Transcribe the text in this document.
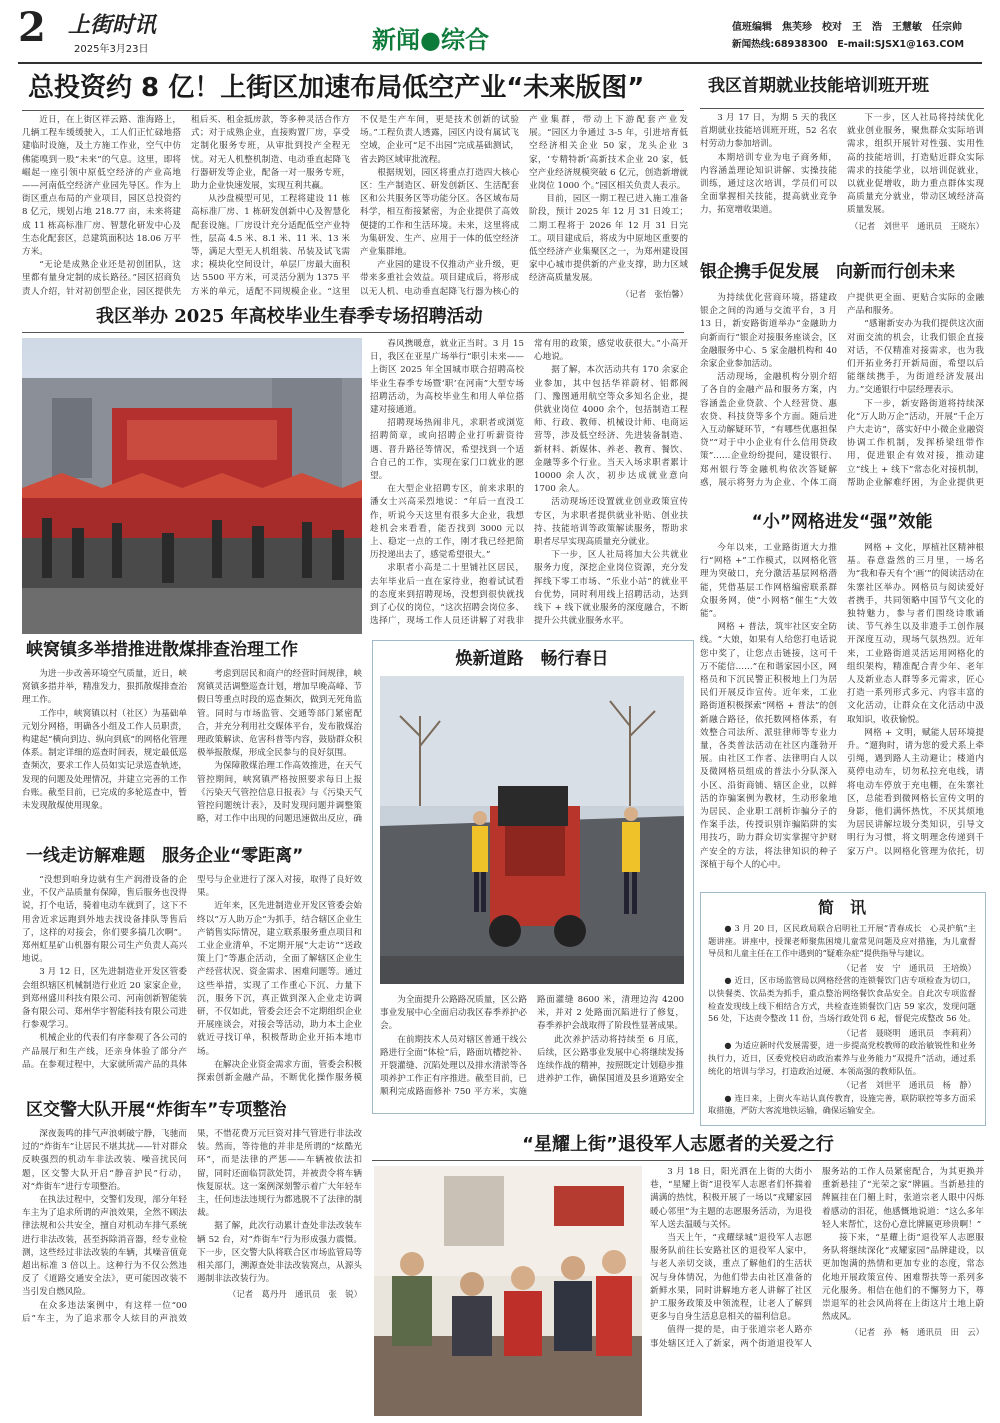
2 上街时讯
2025年3月23日	新闻●综合	值班编辑　焦芙珍　校对　王　浩　王慧敏　任宗帅
新闻热线:68938300　E-mail:SJSX1@163.COM
总投资约 8 亿！上街区加速布局低空产业“未来版图”

近日，在上街区祥云路、淮海路上，几辆工程车缓缓驶入，工人们正忙碌地搭建临时设施，及土方施工作业，空气中仿佛能嗅到一股“未来”的气息。这里，即将崛起一座引领中原低空经济的产业高地——河南低空经济产业园先导区。作为上街区重点布局的产业项目，园区总投资约 8 亿元，规划占地 218.77 亩，未来将建成 11 栋高标准厂房、智慧化研发中心及生态化配套区，总建筑面积达 18.06 万平方米。

“无论是成熟企业还是初创团队，这里都有量身定制的成长路径。”园区招商负责人介绍，针对初创型企业，园区提供先租后买、租金抵房款，等多种灵活合作方式；对于成熟企业，直接购置厂房，享受定制化服务专班，从审批到投产全程无忧。对无人机整机制造、电动垂直起降飞行器研发等企业，配备一对一服务专班，助力企业快速发展，实现互利共赢。

从沙盘模型可见，工程将建设 11 栋高标准厂房、1 栋研发创新中心及智慧化配套设施。厂房设计充分适配低空产业特性，层高 4.5 米、8.1 米、11 米、13 米等，满足大型无人机组装、吊装及试飞需求；模块化空间设计，单层厂房最大面积达 5500 平方米，可灵活分割为 1375 平方米的单元，适配不同规模企业。“这里不仅是生产车间，更是技术创新的试验场。”工程负责人透露，园区内设有属试飞空域，企业可“足不出园”完成基础测试，省去跨区域审批流程。

根据规划，园区将重点打造四大核心区：生产制造区、研发创新区、生活配套区和公共服务区等功能分区。各区域布局科学，相互衔接紧密，为企业提供了高效便捷的工作和生活环境。未来，这里将成为集研发、生产、应用于一体的低空经济产业集群地。

产业园的建设不仅推动产业升级，更带来多重社会效益。项目建成后，将形成以无人机、电动垂直起降飞行器为核心的产业集群，带动上下游配套产业发展。“园区力争通过 3-5 年，引进培育低空经济相关企业 50 家，龙头企业 3 家，‘专精特新’高新技术企业 20 家，低空产业经济规模突破 6 亿元，创造新增就业岗位 1000 个。”园区相关负责人表示。

目前，园区一期工程已进入施工准备阶段，预计 2025 年 12 月 31 日竣工；二期工程将于 2026 年 12 月 31 日完工。项目建成后，将成为中原地区重要的低空经济产业集聚区之一，为郑州建设国家中心城市提供新的产业支撑，助力区域经济高质量发展。

（记者　张怡馨）
我区举办 2025 年高校毕业生春季专场招聘活动

春风携暖意，就业正当时。3 月 15 日，我区在亚星广场举行“职引未来——上街区 2025 年全国城市联合招聘高校毕业生春季专场暨‘职’在河南”大型专场招聘活动，为高校毕业生和用人单位搭建对接通道。

招聘现场热闹非凡，求职者或浏览招聘简章，或向招聘企业打听薪资待遇、晋升路径等情况，希望找到一个适合自己的工作，实现在家门口就业的愿望。

在大型企业招聘专区，前来求职的潘女士兴高采烈地说：“年后一直没工作，听说今天这里有很多大企业，我想趁机会来看看，能否找到 3000 元以上、稳定一点的工作，刚才我已经把简历投递出去了，感觉希望很大。”

求职者小高是二十里铺社区居民，去年毕业后一直在家待业，抱着试试看的态度来到招聘现场，没想到很快就找到了心仪的岗位，“这次招聘会岗位多、选择广，现场工作人员还讲解了对我非常有用的政策，感觉收获很大。”小高开心地说。

据了解，本次活动共有 170 余家企业参加，其中包括华祥蔚材、铝都阀门、豫图通用航空等众多知名企业，提供就业岗位 4000 余个，包括制造工程师、行政、教师、机械设计师、电商运营等，涉及低空经济、先进装备制造、新材料、新媒体、养老、教育、餐饮、金融等多个行业。当天入场求职者累计 10000 余人次，初步达成就业意向 1700 余人。

活动现场还设置就业创业政策宣传专区，为求职者提供就业补贴、创业扶持、技能培训等政策解读服务，帮助求职者尽早实现高质量充分就业。

下一步，区人社局将加大公共就业服务力度，深挖企业岗位资源，充分发挥线下零工市场、“乐业小站”的就业平台优势，同时利用线上招聘活动，达到线下 + 线下就业服务的深度融合，不断提升公共就业服务水平。

峡窝镇多举措推进散煤排查治理工作

为进一步改善环境空气质量，近日，峡窝镇多措并举，精准发力，狠抓散煤排查治理工作。

工作中，峡窝镇以村（社区）为基础单元划分网格，明确各小组及工作人员职责，构建起“横向到边、纵向到底”的网格化管理体系。制定详细的巡查时间表，规定最低巡查频次，要求工作人员如实记录巡查轨迹，发现的问题及处理情况，并建立完善的工作台账。截至目前，已完成的多轮巡查中，暂未发现散煤使用现象。

考虑到居民和商户的经营时间规律，峡窝镇灵活调整巡查计划，增加早晚高峰、节假日等重点时段的巡查频次，做到无死角监管。同时与市场监管、交通等部门紧密配合，并充分利用社交媒体平台，发布散煤治理政策解读、危害科普等内容，鼓励群众积极举报散煤，形成全民参与的良好氛围。

为保障散煤治理工作高效推进，在天气管控期间，峡窝镇严格按照要求每日上报《污染天气管控信息日报表》与《污染天气管控问题统计表》，及时发现问题并调整策略，对工作中出现的问题迅速做出反应，确

一线走访解难题　服务企业“零距离”

“没想到咱身边就有生产润滑设备的企业，不仅产品质量有保障，售后服务也没得说，打个电话，骑着电动车就到了，这下不用舍近求远跑到外地去找设备排队等售后了，这样的对接会，你们要多搞几次啊”。郑州虹星矿山机器有限公司生产负责人高兴地说。

3 月 12 日，区先进制造业开发区管委会组织辖区机械制造行业近 20 家家企业，到郑州盛川科技有限公司、河南创新智能装备有限公司、郑州华宇智能科技有限公司进行参观学习。

机械企业的代表们有序参观了各公司的产品展厅和生产线，还亲身体验了部分产品。在参观过程中，大家就所需产品的具体型号与企业进行了深入对接，取得了良好效果。

近年来，区先进制造业开发区管委会始终以“万人助万企”为抓手，结合辖区企业生产销售实际情况，建立联系服务重点项目和工业企业清单，不定期开展“大走访”“送政策上门”等惠企活动，全面了解辖区企业生产经营状况、资金需求、困难问题等。通过这些举措，实现了工作重心下沉、力量下沉，服务下沉，真正做到深入企业走访调研，不仅如此，管委会还会不定期组织企业开展座谈会，对接会等活动，助力本土企业就近寻找订单，积极帮助企业开拓本地市场。

在解决企业资金需求方面，管委会积极探索创新金融产品，不断优化操作服务模

区交警大队开展“炸街车”专项整治

深夜轰鸣的排气声浪刺破宁静，飞驰而过的“炸街车”让居民不堪其扰——针对群众反映强烈的机动车非法改装、噪音扰民问题，区交警大队开启“静音护民”行动，对“炸街车”进行专项整治。

在执法过程中，交警们发现，部分年轻车主为了追求所谓的声浪效果，全然不顾法律法规和公共安全，擅自对机动车排气系统进行非法改装，甚至拆除消音器，经专业检测，这些经过非法改装的车辆，其噪音值竟超出标准 3 倍以上。这种行为不仅公然违反了《道路交通安全法》，更可能因改装不当引发自燃风险。

在众多违法案例中，有这样一位“00 后”车主，为了追求那令人炫目的声浪效果，不惜花费万元巨资对排气管进行非法改装。然而，等待他的并非是所谓的“炫酷光环”，而是法律的严惩——车辆被依法扣留，同时还面临罚款处罚，并被责令将车辆恢复原状。这一案例深刻警示着广大年轻车主，任何违法违规行为都逃脱不了法律的制裁。

据了解，此次行动累计查处非法改装车辆 52 台，对“炸街车”行为形成强力震慑。下一步，区交警大队将联合区市场监管局等相关部门，溯源查处非法改装窝点，从源头遏制非法改装行为。

（记者　葛丹丹　通讯员　张　锐）
焕新道路　畅行春日

为全面提升公路路况质量，区公路事业发展中心全面启动我区春季养护必会。

在前期技术人员对辖区普通干线公路进行全面“体检”后，路面坑槽挖补、开裂灌缝、沉陷处理以及排水清淤等各项养护工作正有序推进。截至目前，已顺利完成路面修补 750 平方米，实施路面灌缝 8600 米，清理边沟 4200 米，并对 2 处路面沉陷进行了修复，春季养护会战取得了阶段性显著成果。

此次养护活动将持续至 6 月底，后续，区公路事业发展中心将继续发扬连续作战的精神，按照既定计划稳步推进养护工作，确保国道及县乡道路安全

我区首期就业技能培训班开班

3 月 17 日，为期 5 天的我区首期就业技能培训班开班，52 名农村劳动力参加培训。

本期培训专业为电子商务师，内容涵盖理论知识讲解、实操技能训练，通过这次培训，学员们可以全面掌握相关技能，提高就业竞争力，拓宽增收渠道。

下一步，区人社局将持续优化就业创业服务，聚焦群众实际培训需求，组织开展针对性强、实用性高的技能培训，打造贴近群众实际需求的技能学业，以培训促就业，以就业促增收，助力重点群体实现高质量充分就业，带动区域经济高质量发展。

（记者　刘世平　通讯员　王晓东）
银企携手促发展　向新而行创未来

为持续优化营商环境，搭建政银企之间的沟通与交流平台，3 月 13 日，新安路街道举办“金融助力向新而行”银企对接服务座谈会，区金融服务中心、5 家金融机构和 40 余家企业参加活动。

活动现场，金融机构分别介绍了各自的金融产品和服务方案，内容涵盖企业贷款、个人经营贷、惠农贷、科技贷等多个方面。随后进入互动解疑环节，“有哪些优惠担保贷”“对于中小企业有什么信用贷政策”……企业纷纷提问，建设银行、郑州银行等金融机构依次答疑解惑，展示将努力为企业、个体工商户提供更全面、更贴合实际的金融产品和服务。

“感谢新安办为我们提供这次面对面交流的机会，让我们银企直接对话，不仅精准对接需求，也为我们开拓业务打开新局面，希望以后能继续携手，为街道经济发展出力。”交通银行中层经理表示。

下一步，新安路街道将持续深化“万人助万企”活动，开展“千企万户大走访”，落实好中小微企业融资协调工作机制，发挥桥梁纽带作用，促进银企有效对接，推动建立“线上 + 线下”常态化对接机制，帮助企业解难纾困，为企业提供更

“小”网格进发“强”效能

今年以来，工业路街道大力推行“网格 +”工作模式，以网格化管理为突破口，充分激活基层网格潜能，凭借基层工作网格编密联系群众服务网，使“小网格”催生“大效能”。

网格 + 普法，筑牢社区安全防线。“大娘，如果有人给您打电话说您中奖了，让您点击链接，这可千万不能信……”在和谐家园小区，网格员和下沉民警正积极地上门为居民们开展反诈宣传。近年来，工业路街道积极探索“网格 + 普法”的创新融合路径，依托数网格体系，有效整合司法所、派驻律师等专业力量，各类普法活动在社区内蓬勃开展。由社区工作者、法律明白人以及微网格员组成的普法小分队深入小区、沿街商铺、辖区企业，以鲜活的诈骗案例为教材，生动形象地为居民、企业职工剖析诈骗分子的作案手法，传授识别诈骗陷阱的实用技巧，助力群众切实掌握守护财产安全的方法，将法律知识的种子深植于每个人的心中。

网格 + 文化，厚植社区精神根基。春意盎然的三月里，一场名为“我和春天有个‘画’”的阅读活动在朱寨社区举办。网格员与阅读爱好者携手，共同领略中国节气文化的独特魅力，参与者们围绕诗歌诵读、节气养生以及非遗手工创作展开深度互动，现场气氛热烈。近年来，工业路街道灵活运用网格化的组织架构，精准配合青少年、老年人及新业态人群等多元需求，匠心打造一系列形式多元、内容丰富的文化活动，让群众在文化活动中汲取知识，收获愉悦。

网格 + 文明，赋能人居环境提升。“遛狗时，请为您的爱犬系上牵引绳，遇到路人主动避让；楼道内莫停电动车，切勿私拉充电线，请将电动车停放于充电棚，在朱寨社区，总能看到微网格长宣传文明的身影，他们满怀热忱，不厌其烦地为居民讲解垃圾分类知识，引导文明行为习惯，将文明理念传递到千家万户。以网格化管理为依托，切

简　讯

● 3 月 20 日，区民政局联合启明社工开展“青春成长　心灵护航”主题讲座。讲座中，授课老师聚焦困境儿童常见问题及应对措施，为儿童督导员和儿童主任在工作中遇到的“疑难杂症”提供指导与建议。

（记者　安　宁　通讯员　王培焕）

● 近日，区市场监管局以网格经营的连锁餐饮门店专项检查为切口，以快餐类、饮品类为抓手，重点整治网络餐饮食品安全。自此次专项监督检查发现线上线下相结合方式，共检查连锁餐饮门店 59 家次，发现问题 56 处，下达责令整改 11 份，当场行政处罚 6 起，督促完成整改 56 处。

（记者　聂晓明　通讯员　李莉莉）

● 为适应新时代发展需要，进一步提高党校教师的政治敏锐性和业务执行力，近日，区委党校启动政治素养与业务能力“双提升”活动，通过系统化的培训与学习，打造政治过硬、本领高强的教师队伍。

（记者　刘世平　通讯员　杨　静）

● 连日来，上街火车站认真传教育，设施完善，联防联控等多方面采取措施，严防大客流地铁运输，确保运输安全。

“星耀上街”退役军人志愿者的关爱之行

3 月 18 日，阳光洒在上街的大街小巷，“星耀上街”退役军人志愿者们怀揣着满满的热忱，积极开展了一场以“戎耀家园　暖心邻里”为主题的志愿服务活动，为退役军人送去温暖与关怀。

当天上午，“戎耀绿城”退役军人志愿服务队前往长安路社区的退役军人家中，与老人亲切交谈，重点了解他们的生活状况与身体情况，为他们带去由社区准备的新鲜水果，同时讲解地方老人讲解了社区护工服务政策及申领流程，让老人了解到更多与自身生活息息相关的福利信息。

值得一提的是，由于张道宗老人路亦事处辖区迁入了新家，两个街道退役军人服务站的工作人员紧密配合，为其更换并重新悬挂了“光荣之家”牌匾。当新悬挂的牌匾挂在门楣上时，张道宗老人眼中闪烁着感动的泪花，他感慨地说道：“这么多年轻人来帮忙，这份心意比牌匾更珍贵啊！”

接下来，“星耀上街”退役军人志愿服务队将继续深化“戎耀家园”品牌建设，以更加饱满的热情和更加专业的态度，常态化地开展政策宣传、困难帮扶等一系列多元化服务。相信在他们的不懈努力下，尊崇退军的社会风尚将在上街这片土地上蔚然成风。

（记者　孙　畅　通讯员　田　云）
